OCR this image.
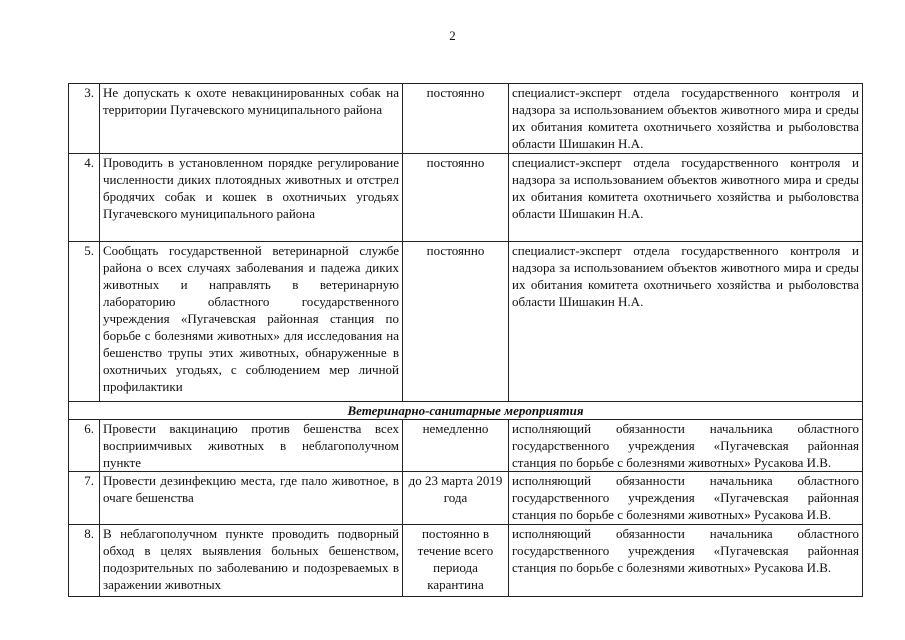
2
3.	Не допускать к охоте невакцинированных собак на территории Пугачевского муниципального района	постоянно	специалист-эксперт отдела государственного контроля и надзора за использованием объектов животного мира и среды их обитания комитета охотничьего хозяйства и рыболовства области Шишакин Н.А.
4.	Проводить в установленном порядке регулирование численности диких плотоядных животных и отстрел бродячих собак и кошек в охотничьих угодьях Пугачевского муниципального района	постоянно	специалист-эксперт отдела государственного контроля и надзора за использованием объектов животного мира и среды их обитания комитета охотничьего хозяйства и рыболовства области Шишакин Н.А.
5.	Сообщать государственной ветеринарной службе района о всех случаях заболевания и падежа диких животных и направлять в ветеринарную лабораторию областного государственного учреждения «Пугачевская районная станция по борьбе с болезнями животных» для исследования на бешенство трупы этих животных, обнаруженные в охотничьих угодьях, с соблюдением мер личной профилактики	постоянно	специалист-эксперт отдела государственного контроля и надзора за использованием объектов животного мира и среды их обитания комитета охотничьего хозяйства и рыболовства области Шишакин Н.А.
Ветеринарно-санитарные мероприятия			
6.	Провести вакцинацию против бешенства всех восприимчивых животных в неблагополучном пункте	немедленно	исполняющий обязанности начальника областного государственного учреждения «Пугачевская районная станция по борьбе с болезнями животных» Русакова И.В.
7.	Провести дезинфекцию места, где пало животное, в очаге бешенства	до 23 марта 2019 года	исполняющий обязанности начальника областного государственного учреждения «Пугачевская районная станция по борьбе с болезнями животных» Русакова И.В.
8.	В неблагополучном пункте проводить подворный обход в целях выявления больных бешенством, подозрительных по заболеванию и подозреваемых в заражении животных	постоянно в течение всего периода карантина	исполняющий обязанности начальника областного государственного учреждения «Пугачевская районная станция по борьбе с болезнями животных» Русакова И.В.
